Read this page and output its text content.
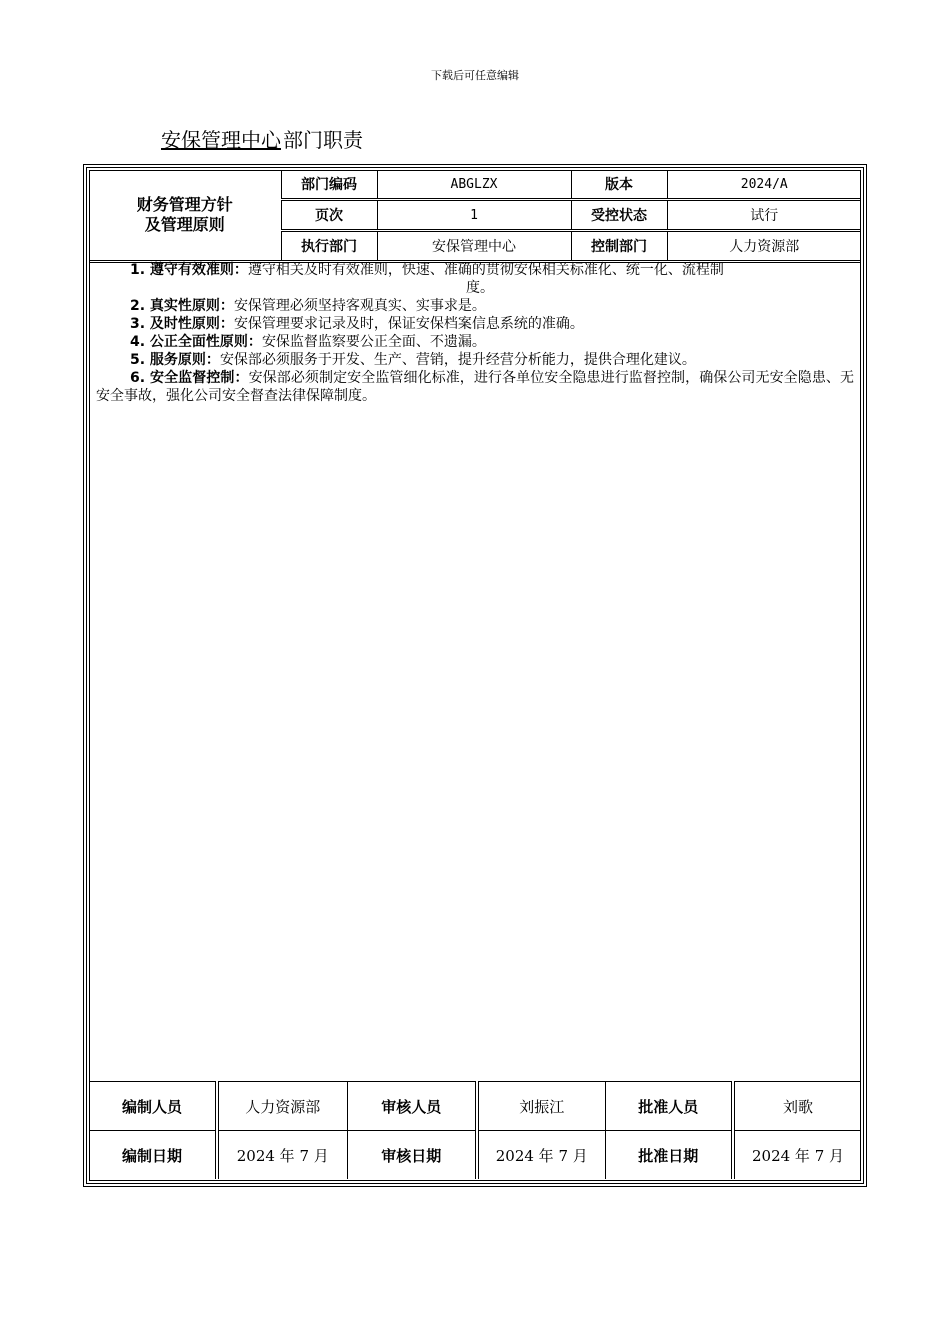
下载后可任意编辑
安保管理中心 部门职责
财务管理方针
及管理原则	部门编码	ABGLZX	版本	2024/A
	页次	1	受控状态	试行
	执行部门	安保管理中心	控制部门	人力资源部

1. 遵守有效准则：遵守相关及时有效准则，快速、准确的贯彻安保相关标准化、统一化、流程制
度。

2. 真实性原则：安保管理必须坚持客观真实、实事求是。

3. 及时性原则：安保管理要求记录及时，保证安保档案信息系统的准确。

4. 公正全面性原则：安保监督监察要公正全面、不遗漏。

5. 服务原则：安保部必须服务于开发、生产、营销，提升经营分析能力，提供合理化建议。

6. 安全监督控制：安保部必须制定安全监管细化标准，进行各单位安全隐患进行监督控制，确保公司无安全隐患、无安全事故，强化公司安全督查法律保障制度。

编制人员	人力资源部	审核人员	刘振江	批准人员	刘歌
编制日期	2024 年 7 月	审核日期	2024 年 7 月	批准日期	2024 年 7 月
